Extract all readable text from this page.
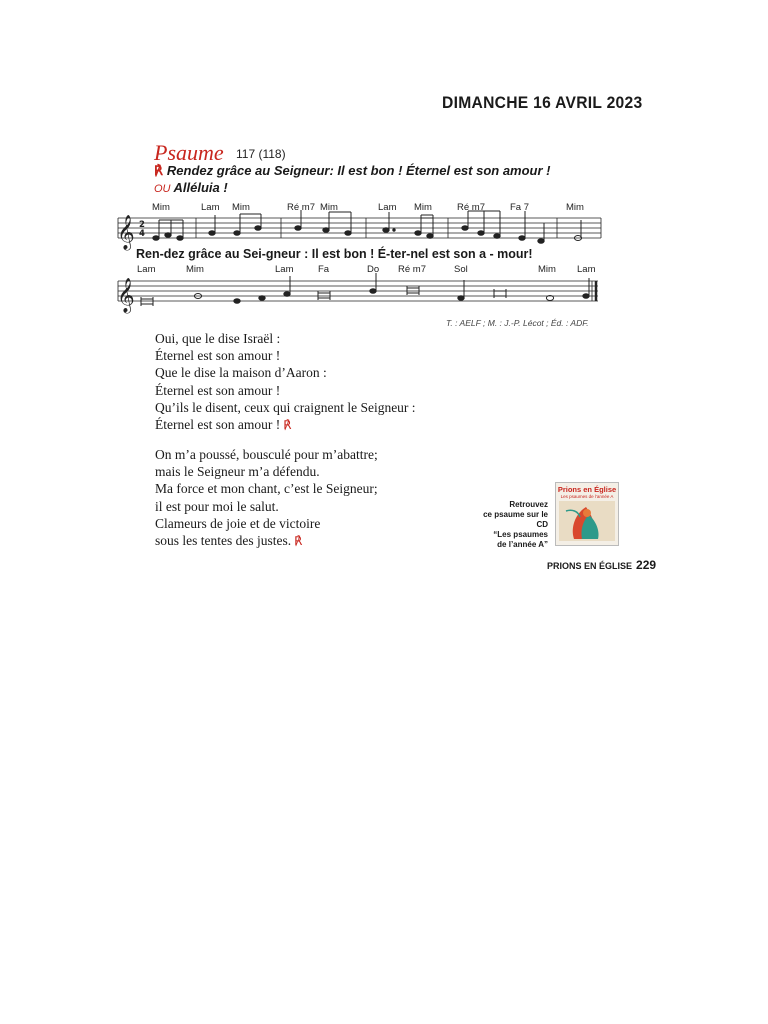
DIMANCHE 16 AVRIL 2023
Psaume 117 (118)
℟ Rendez grâce au Seigneur: Il est bon ! Éternel est son amour !
OU Alléluia !
Mim	Lam Mim	Ré m7 Mim	Lam Mim	Ré m7	Fa 7	Mim
𝄞 2
4
𝄞
Ren-dez grâce au Sei-gneur : Il est bon ! É-ter-nel est son a - mour!
Lam	Mim	Lam	Fa	Do Ré m7	Sol	Mim Lam
T. : AELF ; M. : J.-P. Lécot ; Éd. : ADF.
Oui, que le dise Israël :
Éternel est son amour !
Que le dise la maison d’Aaron :
Éternel est son amour !
Qu’ils le disent, ceux qui craignent le Seigneur :
Éternel est son amour ! ℟
On m’a poussé, bousculé pour m’abattre;
mais le Seigneur m’a défendu.
Ma force et mon chant, c’est le Seigneur;
il est pour moi le salut.
Clameurs de joie et de victoire
sous les tentes des justes. ℟
Retrouvez
ce psaume sur le CD
“Les psaumes
de l’année A”
Prions en Église
Les psaumes de l’année A
PRIONS EN ÉGLISE 229
